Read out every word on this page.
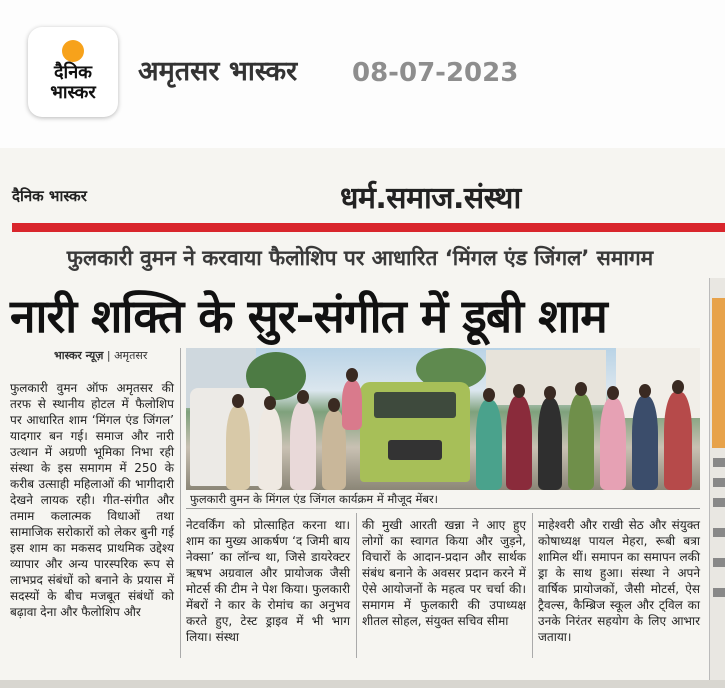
दैनिक
भास्कर
अमृतसर भास्कर 08-07-2023
दैनिक भास्कर	धर्म.समाज.संस्था
फुलकारी वुमन ने करवाया फैलोशिप पर आधारित ‘मिंगल एंड जिंगल’ समागम
नारी शक्ति के सुर-संगीत में डूबी शाम
भास्कर न्यूज़ | अमृतसर
फुलकारी वुमन के मिंगल एंड जिंगल कार्यक्रम में मौजूद मेंबर।
फुलकारी वुमन ऑफ अमृतसर की तरफ से स्थानीय होटल में फैलोशिप पर आधारित शाम ‘मिंगल एंड जिंगल’ यादगार बन गई। समाज और नारी उत्थान में अग्रणी भूमिका निभा रही संस्था के इस समागम में 250 के करीब उत्साही महिलाओं की भागीदारी देखने लायक रही। गीत-संगीत और तमाम कलात्मक विधाओं तथा सामाजिक सरोकारों को लेकर बुनी गई इस शाम का मकसद प्राथमिक उद्देश्य व्यापार और अन्य पारस्परिक रूप से लाभप्रद संबंधों को बनाने के प्रयास में सदस्यों के बीच मजबूत संबंधों को बढ़ावा देना और फैलोशिप और
नेटवर्किंग को प्रोत्साहित करना था। शाम का मुख्य आकर्षण ‘द जिमी बाय नेक्सा’ का लॉन्च था, जिसे डायरेक्टर ऋषभ अग्रवाल और प्रायोजक जैसी मोटर्स की टीम ने पेश किया। फुलकारी मेंबरों ने कार के रोमांच का अनुभव करते हुए, टेस्ट ड्राइव में भी भाग लिया। संस्था
की मुखी आरती खन्ना ने आए हुए लोगों का स्वागत किया और जुड़ने, विचारों के आदान-प्रदान और सार्थक संबंध बनाने के अवसर प्रदान करने में ऐसे आयोजनों के महत्व पर चर्चा की। समागम में फुलकारी की उपाध्यक्ष शीतल सोहल, संयुक्त सचिव सीमा
माहेश्वरी और राखी सेठ और संयुक्त कोषाध्यक्ष पायल मेहरा, रूबी बत्रा शामिल थीं। समापन का समापन लकी ड्रा के साथ हुआ। संस्था ने अपने वार्षिक प्रायोजकों, जैसी मोटर्स, ऐस ट्रैवल्स, कैम्ब्रिज स्कूल और ट्विल का उनके निरंतर सहयोग के लिए आभार जताया।
